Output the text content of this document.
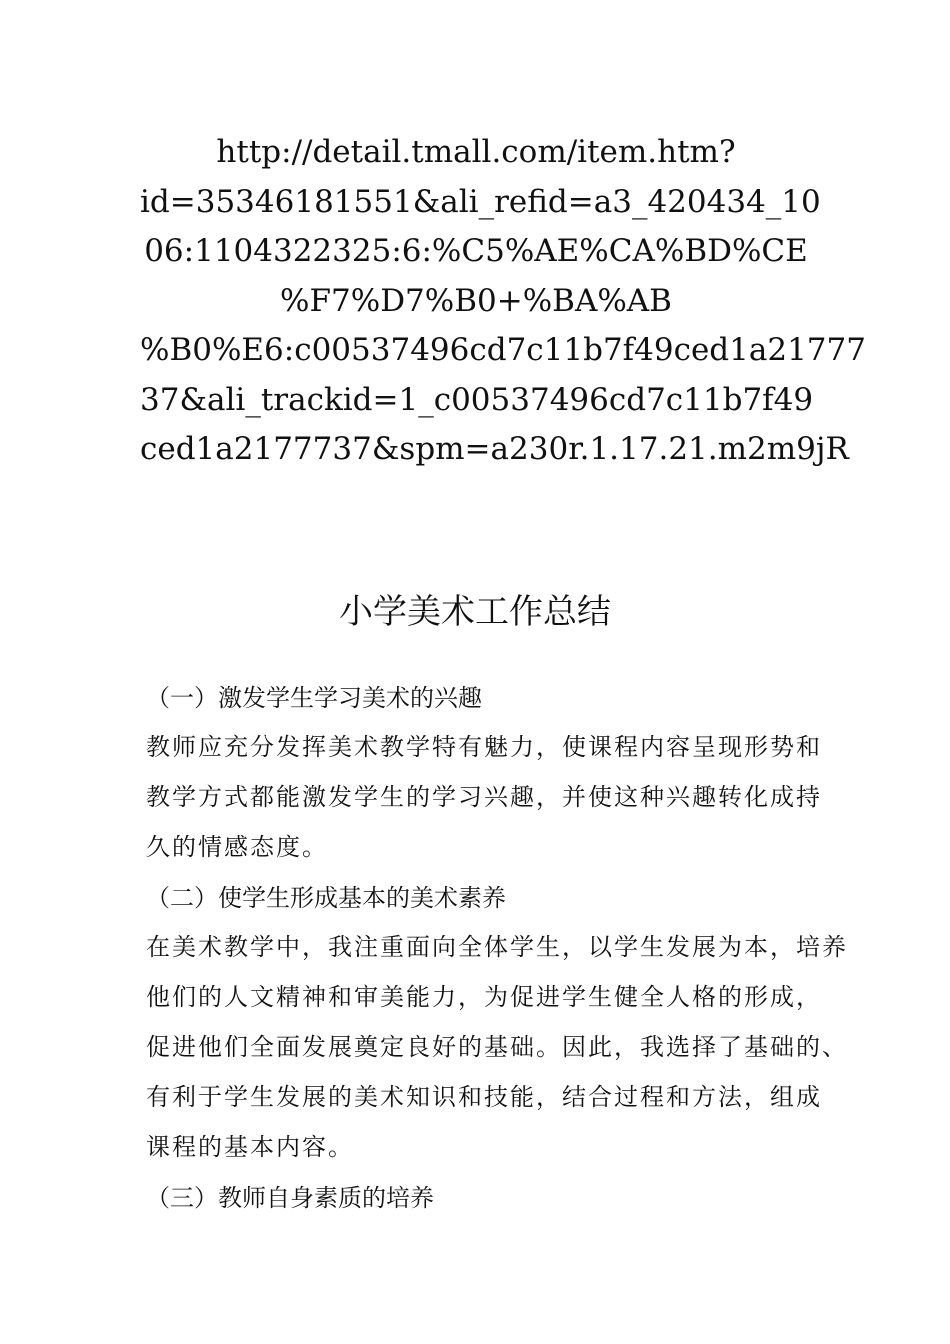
http://detail.tmall.com/item.htm?
id=35346181551&ali_refid=a3_420434_10
06:1104322325:6:%C5%AE%CA%BD%CE
%F7%D7%B0+%BA%AB
%B0%E6:c00537496cd7c11b7f49ced1a21777
37&ali_trackid=1_c00537496cd7c11b7f49
ced1a2177737&spm=a230r.1.17.21.m2m9jR
小学美术工作总结
（一）激发学生学习美术的兴趣
教师应充分发挥美术教学特有魅力，使课程内容呈现形势和
教学方式都能激发学生的学习兴趣，并使这种兴趣转化成持
久的情感态度。
（二）使学生形成基本的美术素养
在美术教学中，我注重面向全体学生，以学生发展为本，培养
他们的人文精神和审美能力，为促进学生健全人格的形成，
促进他们全面发展奠定良好的基础。因此，我选择了基础的、
有利于学生发展的美术知识和技能，结合过程和方法，组成
课程的基本内容。
（三）教师自身素质的培养
